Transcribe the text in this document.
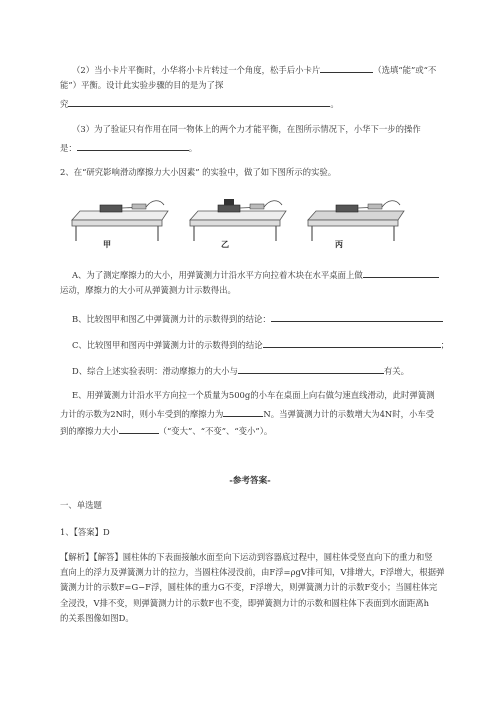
（2）当小卡片平衡时，小华将小卡片转过一个角度，松手后小卡片	（选填“能”或“不
能”）平衡。设计此实验步骤的目的是为了探
究	。
（3）为了验证只有作用在同一物体上的两个力才能平衡，在图所示情况下，小华下一步的操作
是：	。
2、在“研究影响滑动摩擦力大小因素” 的实验中，做了如下图所示的实验。
甲	乙	丙
A、为了测定摩擦力的大小，用弹簧测力计沿水平方向拉着木块在水平桌面上做
运动，摩擦力的大小可从弹簧测力计示数得出。
B、比较图甲和图乙中弹簧测力计的示数得到的结论：
C、比较图甲和图丙中弹簧测力计的示数得到的结论	；
D、综合上述实验表明：滑动摩擦力的大小与	有关。
E、用弹簧测力计沿水平方向拉一个质量为500g的小车在桌面上向右做匀速直线滑动，此时弹簧测
力计的示数为2N时，则小车受到的摩擦力为	N。当弹簧测力计的示数增大为4N时，小车受
到的摩擦力大小	（“变大”、“不变”、“变小”）。
-参考答案-
一、单选题
1、【答案】D
【解析】【解答】圆柱体的下表面接触水面至向下运动到容器底过程中，圆柱体受竖直向下的重力和竖
直向上的浮力及弹簧测力计的拉力，当圆柱体浸没前，由F浮=ρgV排可知，V排增大，F浮增大，根据弹
簧测力计的示数F=G−F浮，圆柱体的重力G不变，F浮增大，则弹簧测力计的示数F变小；当圆柱体完
全浸没，V排不变，则弹簧测力计的示数F也不变，即弹簧测力计的示数和圆柱体下表面到水面距离h
的关系图像如图D。
